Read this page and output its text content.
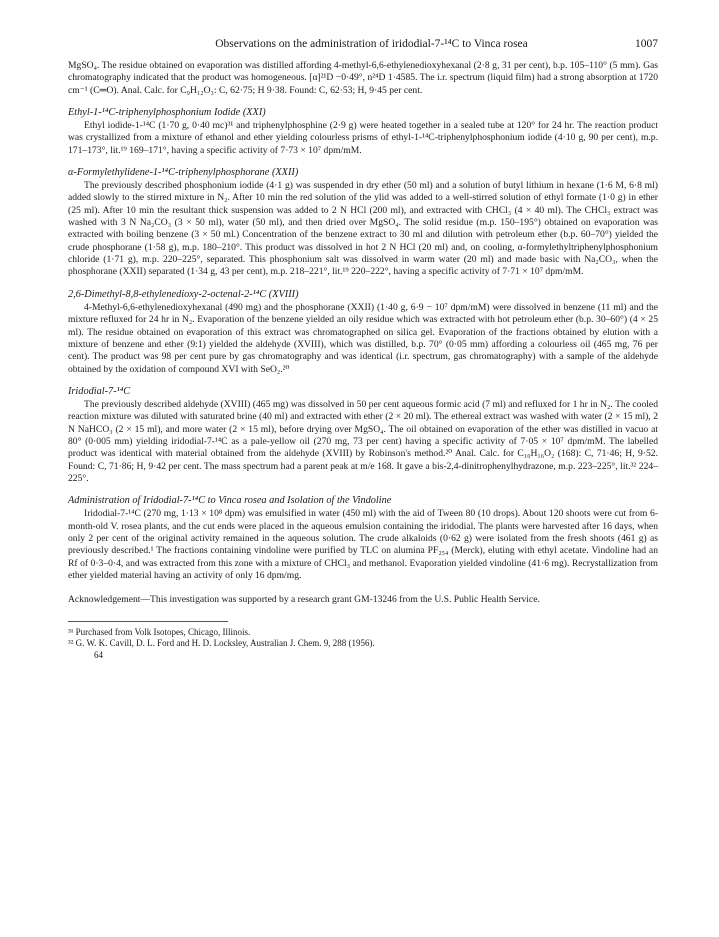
Observations on the administration of iridodial-7-¹⁴C to Vinca rosea	1007

MgSO₄. The residue obtained on evaporation was distilled affording 4-methyl-6,6-ethylenedioxyhexanal (2·8 g, 31 per cent), b.p. 105–110° (5 mm). Gas chromatography indicated that the product was homogeneous. [α]²¹D −0·49°, n²⁴D 1·4585. The i.r. spectrum (liquid film) had a strong absorption at 1720 cm⁻¹ (C═O). Anal. Calc. for C₉H₁₂O₃: C, 62·75; H 9·38. Found: C, 62·53; H, 9·45 per cent.

Ethyl-1-¹⁴C-triphenylphosphonium Iodide (XXI)

Ethyl iodide-1-¹⁴C (1·70 g, 0·40 mc)³¹ and triphenylphosphine (2·9 g) were heated together in a sealed tube at 120° for 24 hr. The reaction product was crystallized from a mixture of ethanol and ether yielding colourless prisms of ethyl-1-¹⁴C-triphenylphosphonium iodide (4·10 g, 90 per cent), m.p. 171–173°, lit.¹⁹ 169–171°, having a specific activity of 7·73 × 10⁷ dpm/mM.

α-Formylethylidene-1-¹⁴C-triphenylphosphorane (XXII)

The previously described phosphonium iodide (4·1 g) was suspended in dry ether (50 ml) and a solution of butyl lithium in hexane (1·6 M, 6·8 ml) added slowly to the stirred mixture in N₂. After 10 min the red solution of the ylid was added to a well-stirred solution of ethyl formate (1·0 g) in ether (25 ml). After 10 min the resultant thick suspension was added to 2 N HCl (200 ml), and extracted with CHCl₃ (4 × 40 ml). The CHCl₃ extract was washed with 3 N Na₂CO₃ (3 × 50 ml), water (50 ml), and then dried over MgSO₄. The solid residue (m.p. 150–195°) obtained on evaporation was extracted with boiling benzene (3 × 50 ml.) Concentration of the benzene extract to 30 ml and dilution with petroleum ether (b.p. 60–70°) yielded the crude phosphorane (1·58 g), m.p. 180–210°. This product was dissolved in hot 2 N HCl (20 ml) and, on cooling, α-formylethyltriphenylphosphonium chloride (1·71 g), m.p. 220–225°, separated. This phosphonium salt was dissolved in warm water (20 ml) and made basic with Na₂CO₃, when the phosphorane (XXII) separated (1·34 g, 43 per cent), m.p. 218–221°, lit.¹⁹ 220–222°, having a specific activity of 7·71 × 10⁷ dpm/mM.

2,6-Dimethyl-8,8-ethylenedioxy-2-octenal-2-¹⁴C (XVIII)

4-Methyl-6,6-ethylenedioxyhexanal (490 mg) and the phosphorane (XXII) (1·40 g, 6·9 − 10⁷ dpm/mM) were dissolved in benzene (11 ml) and the mixture refluxed for 24 hr in N₂. Evaporation of the benzene yielded an oily residue which was extracted with hot petroleum ether (b.p. 30–60°) (4 × 25 ml). The residue obtained on evaporation of this extract was chromatographed on silica gel. Evaporation of the fractions obtained by elution with a mixture of benzene and ether (9:1) yielded the aldehyde (XVIII), which was distilled, b.p. 70° (0·05 mm) affording a colourless oil (465 mg, 76 per cent). The product was 98 per cent pure by gas chromatography and was identical (i.r. spectrum, gas chromatography) with a sample of the aldehyde obtained by the oxidation of compound XVI with SeO₂.²⁰

Iridodial-7-¹⁴C

The previously described aldehyde (XVIII) (465 mg) was dissolved in 50 per cent aqueous formic acid (7 ml) and refluxed for 1 hr in N₂. The cooled reaction mixture was diluted with saturated brine (40 ml) and extracted with ether (2 × 20 ml). The ethereal extract was washed with water (2 × 15 ml), 2 N NaHCO₃ (2 × 15 ml), and more water (2 × 15 ml), before drying over MgSO₄. The oil obtained on evaporation of the ether was distilled in vacuo at 80° (0·005 mm) yielding iridodial-7-¹⁴C as a pale-yellow oil (270 mg, 73 per cent) having a specific activity of 7·05 × 10⁷ dpm/mM. The labelled product was identical with material obtained from the aldehyde (XVIII) by Robinson's method.²⁰ Anal. Calc. for C₁₀H₁₆O₂ (168): C, 71·46; H, 9·52. Found: C, 71·86; H, 9·42 per cent. The mass spectrum had a parent peak at m/e 168. It gave a bis-2,4-dinitrophenylhydrazone, m.p. 223–225°, lit.³² 224–225°.

Administration of Iridodial-7-¹⁴C to Vinca rosea and Isolation of the Vindoline

Iridodial-7-¹⁴C (270 mg, 1·13 × 10⁸ dpm) was emulsified in water (450 ml) with the aid of Tween 80 (10 drops). About 120 shoots were cut from 6-month-old V. rosea plants, and the cut ends were placed in the aqueous emulsion containing the iridodial. The plants were harvested after 16 days, when only 2 per cent of the original activity remained in the aqueous solution. The crude alkaloids (0·62 g) were isolated from the fresh shoots (461 g) as previously described.¹ The fractions containing vindoline were purified by TLC on alumina PF₂₅₄ (Merck), eluting with ethyl acetate. Vindoline had an Rf of 0·3–0·4, and was extracted from this zone with a mixture of CHCl₃ and methanol. Evaporation yielded vindoline (41·6 mg). Recrystallization from ether yielded material having an activity of only 16 dpm/mg.

Acknowledgement—This investigation was supported by a research grant GM-13246 from the U.S. Public Health Service.

³¹ Purchased from Volk Isotopes, Chicago, Illinois.

³² G. W. K. Cavill, D. L. Ford and H. D. Locksley, Australian J. Chem. 9, 288 (1956).

64
